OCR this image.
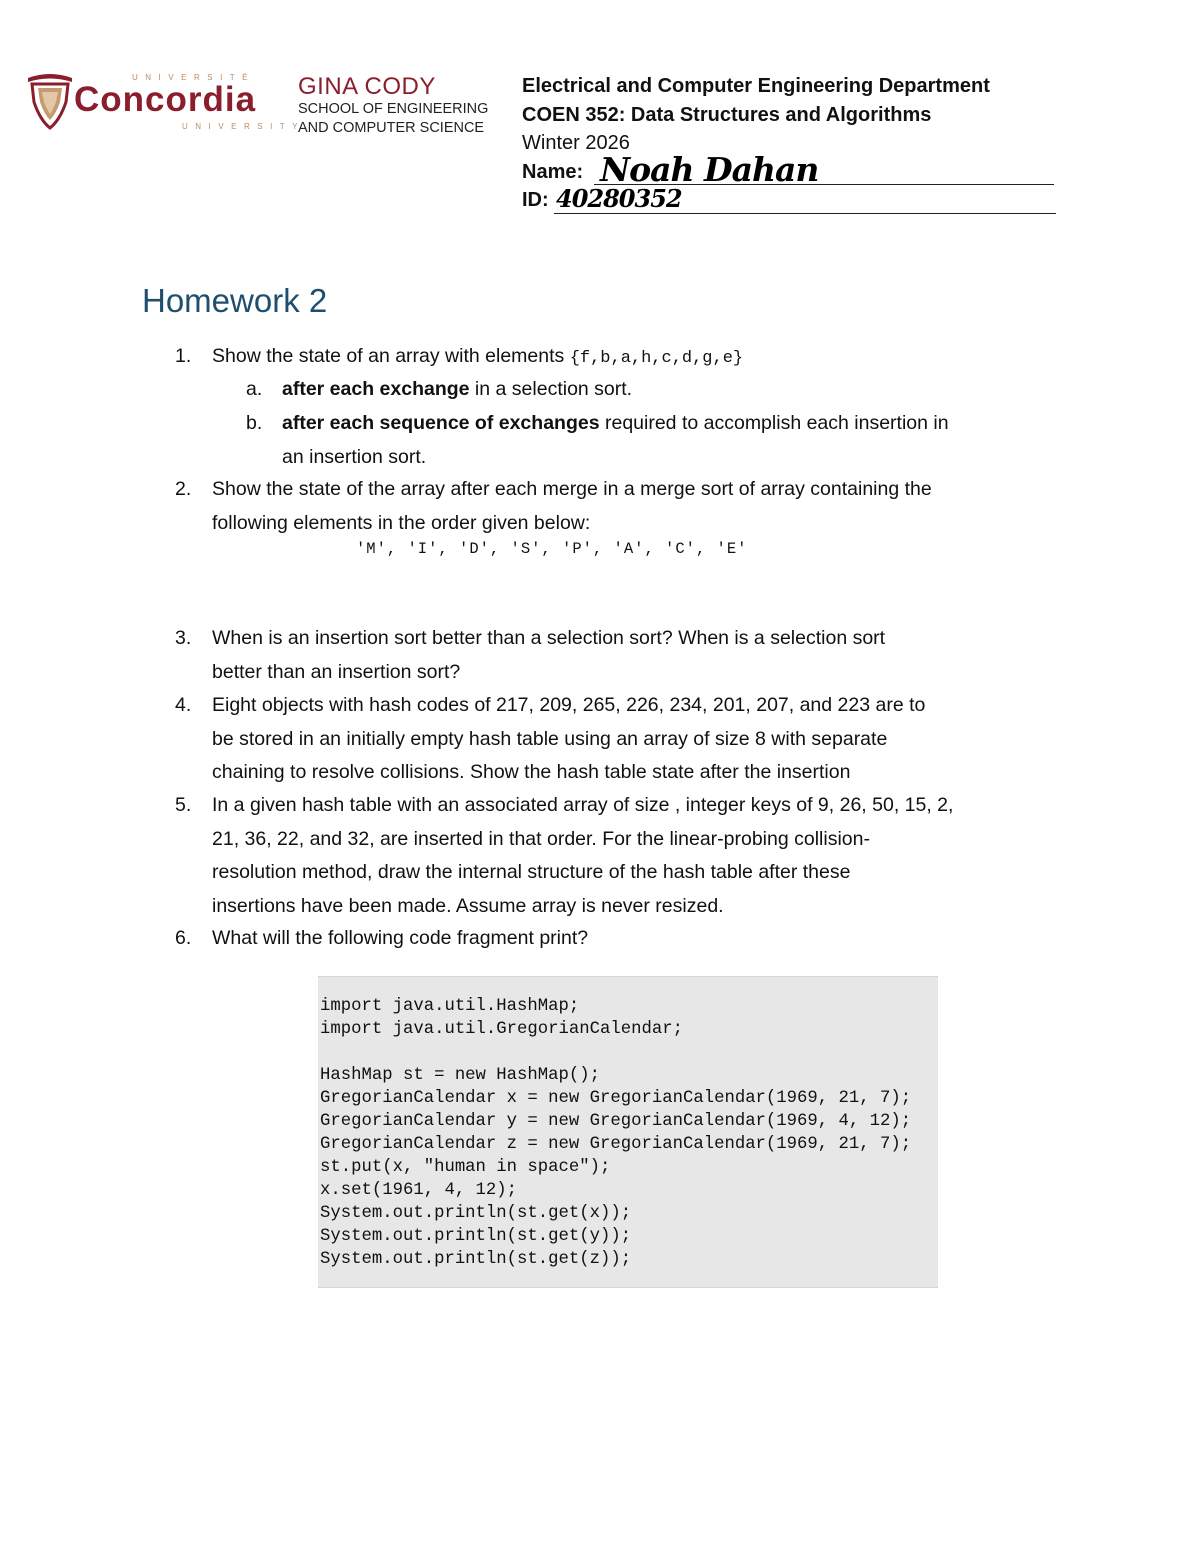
UNIVERSITÉ
Concordia
UNIVERSITY
GINA CODY
SCHOOL OF ENGINEERING
AND COMPUTER SCIENCE
Electrical and Computer Engineering Department
COEN 352: Data Structures and Algorithms
Winter 2026
Name: Noah Dahan
ID: 40280352
Homework 2
1. Show the state of an array with elements {f,b,a,h,c,d,g,e}
a. after each exchange in a selection sort.
b. after each sequence of exchanges required to accomplish each insertion in
an insertion sort.
2. Show the state of the array after each merge in a merge sort of array containing the
following elements in the order given below:
'M', 'I', 'D', 'S', 'P', 'A', 'C', 'E'
3. When is an insertion sort better than a selection sort? When is a selection sort
better than an insertion sort?
4. Eight objects with hash codes of 217, 209, 265, 226, 234, 201, 207, and 223 are to
be stored in an initially empty hash table using an array of size 8 with separate
chaining to resolve collisions. Show the hash table state after the insertion
5. In a given hash table with an associated array of size , integer keys of 9, 26, 50, 15, 2,
21, 36, 22, and 32, are inserted in that order. For the linear-probing collision-
resolution method, draw the internal structure of the hash table after these
insertions have been made. Assume array is never resized.
6. What will the following code fragment print?
import java.util.HashMap;
import java.util.GregorianCalendar;
HashMap st = new HashMap();
GregorianCalendar x = new GregorianCalendar(1969, 21, 7);
GregorianCalendar y = new GregorianCalendar(1969, 4, 12);
GregorianCalendar z = new GregorianCalendar(1969, 21, 7);
st.put(x, "human in space");
x.set(1961, 4, 12);
System.out.println(st.get(x));
System.out.println(st.get(y));
System.out.println(st.get(z));
